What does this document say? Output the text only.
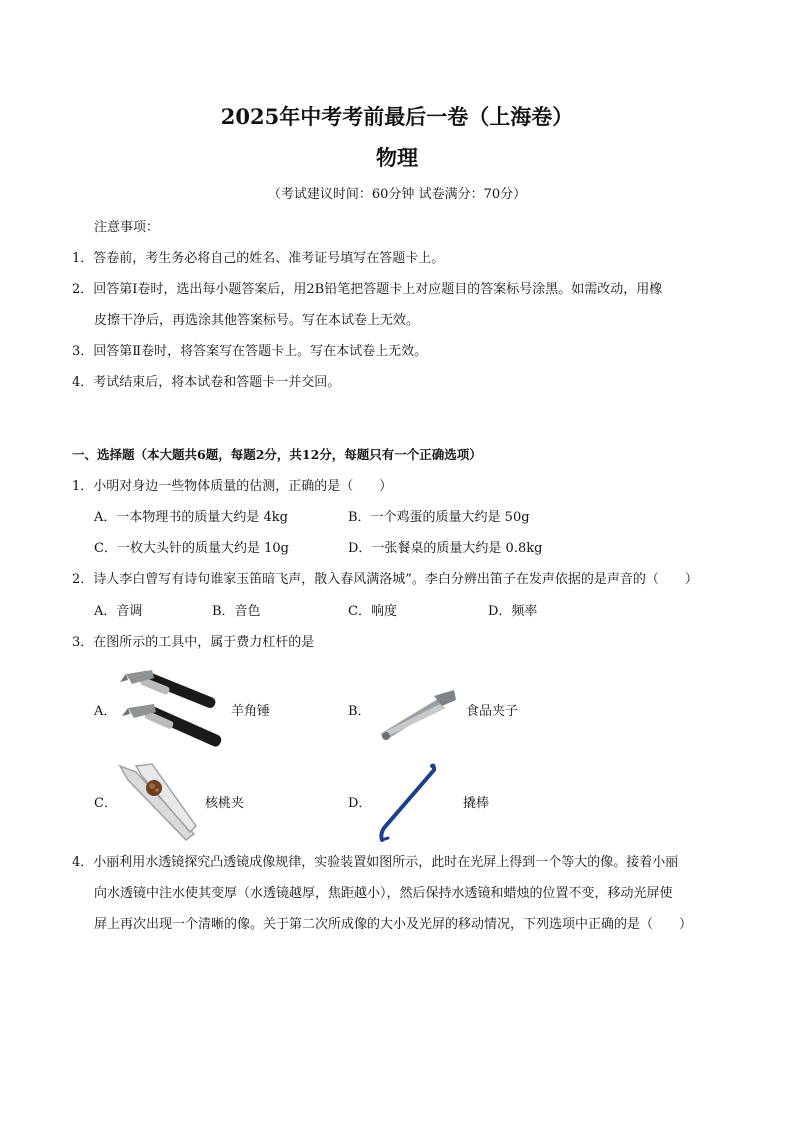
2025年中考考前最后一卷（上海卷）
物理
（考试建议时间：60分钟 试卷满分：70分）
注意事项：
1．答卷前，考生务必将自己的姓名、准考证号填写在答题卡上。
2．回答第Ⅰ卷时，选出每小题答案后，用2B铅笔把答题卡上对应题目的答案标号涂黑。如需改动，用橡
皮擦干净后，再选涂其他答案标号。写在本试卷上无效。
3．回答第Ⅱ卷时，将答案写在答题卡上。写在本试卷上无效。
4．考试结束后，将本试卷和答题卡一并交回。
一、选择题（本大题共6题，每题2分，共12分，每题只有一个正确选项）
1．小明对身边一些物体质量的估测，正确的是（　　）
A．一本物理书的质量大约是 4kg	B．一个鸡蛋的质量大约是 50g
C．一枚大头针的质量大约是 10g	D．一张餐桌的质量大约是 0.8kg
2．诗人李白曾写有诗句谁家玉笛暗飞声，散入春风满洛城”。李白分辨出笛子在发声依据的是声音的（　　）
A．音调	B．音色	C．响度	D．频率
3．在图所示的工具中，属于费力杠杆的是
A．	羊角锤	B．	食品夹子
C．	核桃夹	D．	撬棒
4．小丽利用水透镜探究凸透镜成像规律，实验装置如图所示，此时在光屏上得到一个等大的像。接着小丽
向水透镜中注水使其变厚（水透镜越厚，焦距越小），然后保持水透镜和蜡烛的位置不变，移动光屏使
屏上再次出现一个清晰的像。关于第二次所成像的大小及光屏的移动情况，下列选项中正确的是（　　）
